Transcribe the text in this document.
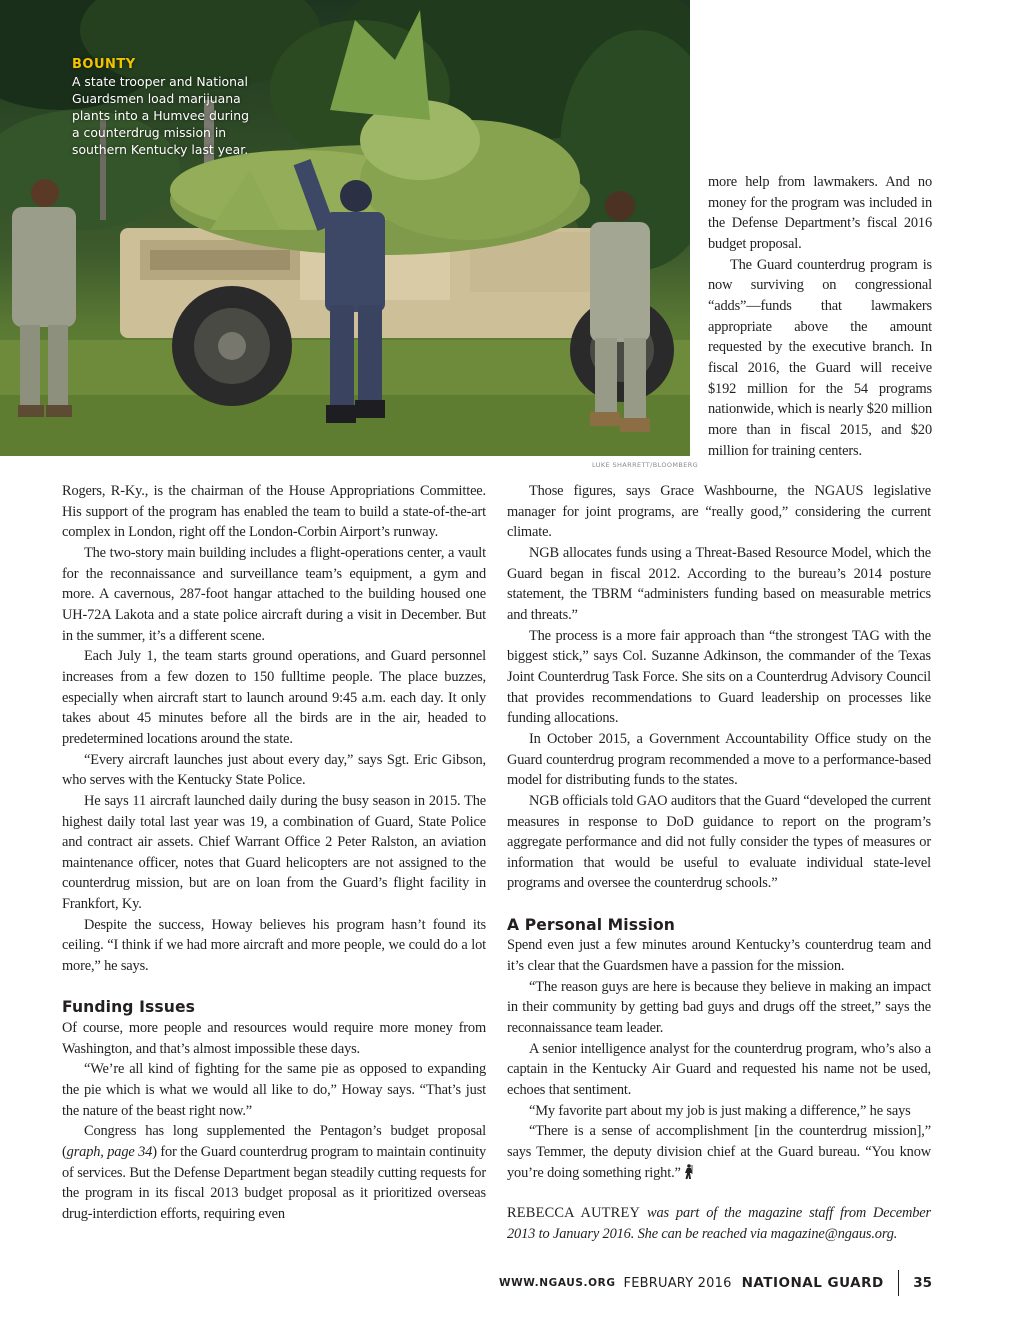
BOUNTY
A state trooper and National Guardsmen load marijuana plants into a Humvee during a counterdrug mission in southern Kentucky last year.
LUKE SHARRETT/BLOOMBERG

more help from lawmakers. And no money for the program was included in the Defense Department’s fiscal 2016 budget proposal.

The Guard counterdrug program is now surviving on congressional “adds”—funds that lawmakers appropriate above the amount requested by the executive branch. In fiscal 2016, the Guard will receive $192 million for the 54 programs nationwide, which is nearly $20 million more than in fiscal 2015, and $20 million for training centers.

Rogers, R-Ky., is the chairman of the House Appropriations Committee. His support of the program has enabled the team to build a state-of-the-art complex in London, right off the London-Corbin Airport’s runway.

The two-story main building includes a flight-operations center, a vault for the reconnaissance and surveillance team’s equipment, a gym and more. A cavernous, 287-foot hangar attached to the building housed one UH-72A Lakota and a state police aircraft during a visit in December. But in the summer, it’s a different scene.

Each July 1, the team starts ground operations, and Guard personnel increases from a few dozen to 150 fulltime people. The place buzzes, especially when aircraft start to launch around 9:45 a.m. each day. It only takes about 45 minutes before all the birds are in the air, headed to predetermined locations around the state.

“Every aircraft launches just about every day,” says Sgt. Eric Gibson, who serves with the Kentucky State Police.

He says 11 aircraft launched daily during the busy season in 2015. The highest daily total last year was 19, a combination of Guard, State Police and contract air assets. Chief Warrant Office 2 Peter Ralston, an aviation maintenance officer, notes that Guard helicopters are not assigned to the counterdrug mission, but are on loan from the Guard’s flight facility in Frankfort, Ky.

Despite the success, Howay believes his program hasn’t found its ceiling. “I think if we had more aircraft and more people, we could do a lot more,” he says.

Funding Issues

Of course, more people and resources would require more money from Washington, and that’s almost impossible these days.

“We’re all kind of fighting for the same pie as opposed to expanding the pie which is what we would all like to do,” Howay says. “That’s just the nature of the beast right now.”

Congress has long supplemented the Pentagon’s budget proposal (graph, page 34) for the Guard counterdrug program to maintain continuity of services. But the Defense Department began steadily cutting requests for the program in its fiscal 2013 budget proposal as it prioritized overseas drug-interdiction efforts, requiring even

Those figures, says Grace Washbourne, the NGAUS legislative manager for joint programs, are “really good,” considering the current climate.

NGB allocates funds using a Threat-Based Resource Model, which the Guard began in fiscal 2012. According to the bureau’s 2014 posture statement, the TBRM “administers funding based on measurable metrics and threats.”

The process is a more fair approach than “the strongest TAG with the biggest stick,” says Col. Suzanne Adkinson, the commander of the Texas Joint Counterdrug Task Force. She sits on a Counterdrug Advisory Council that provides recommendations to Guard leadership on processes like funding allocations.

In October 2015, a Government Accountability Office study on the Guard counterdrug program recommended a move to a performance-based model for distributing funds to the states.

NGB officials told GAO auditors that the Guard “developed the current measures in response to DoD guidance to report on the program’s aggregate performance and did not fully consider the types of measures or information that would be useful to evaluate individual state-level programs and oversee the counterdrug schools.”

A Personal Mission

Spend even just a few minutes around Kentucky’s counterdrug team and it’s clear that the Guardsmen have a passion for the mission.

“The reason guys are here is because they believe in making an impact in their community by getting bad guys and drugs off the street,” says the reconnaissance team leader.

A senior intelligence analyst for the counterdrug program, who’s also a captain in the Kentucky Air Guard and requested his name not be used, echoes that sentiment.

“My favorite part about my job is just making a difference,” he says

“There is a sense of accomplishment [in the counterdrug mission],” says Temmer, the deputy division chief at the Guard bureau. “You know you’re doing something right.”

REBECCA AUTREY was part of the magazine staff from December 2013 to January 2016. She can be reached via magazine@ngaus.org.

WWW.NGAUS.ORG FEBRUARY 2016 NATIONAL GUARD 35
